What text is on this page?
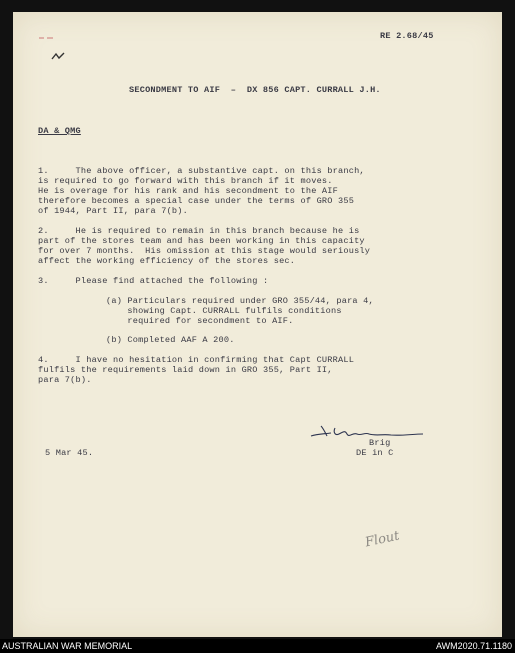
RE 2.68/45
SECONDMENT TO AIF  –  DX 856 CAPT. CURRALL J.H.
DA & QMG
1.     The above officer, a substantive capt. on this branch,
is required to go forward with this branch if it moves.
He is overage for his rank and his secondment to the AIF
therefore becomes a special case under the terms of GRO 355
of 1944, Part II, para 7(b).
2.     He is required to remain in this branch because he is
part of the stores team and has been working in this capacity
for over 7 months.  His omission at this stage would seriously
affect the working efficiency of the stores sec.
3.     Please find attached the following :
(a) Particulars required under GRO 355/44, para 4,
showing Capt. CURRALL fulfils conditions
required for secondment to AIF.
(b) Completed AAF A 200.
4.     I have no hesitation in confirming that Capt CURRALL
fulfils the requirements laid down in GRO 355, Part II,
para 7(b).
Brig
5 Mar 45.	DE in C
Flout
AUSTRALIAN WAR MEMORIAL	AWM2020.71.1180
